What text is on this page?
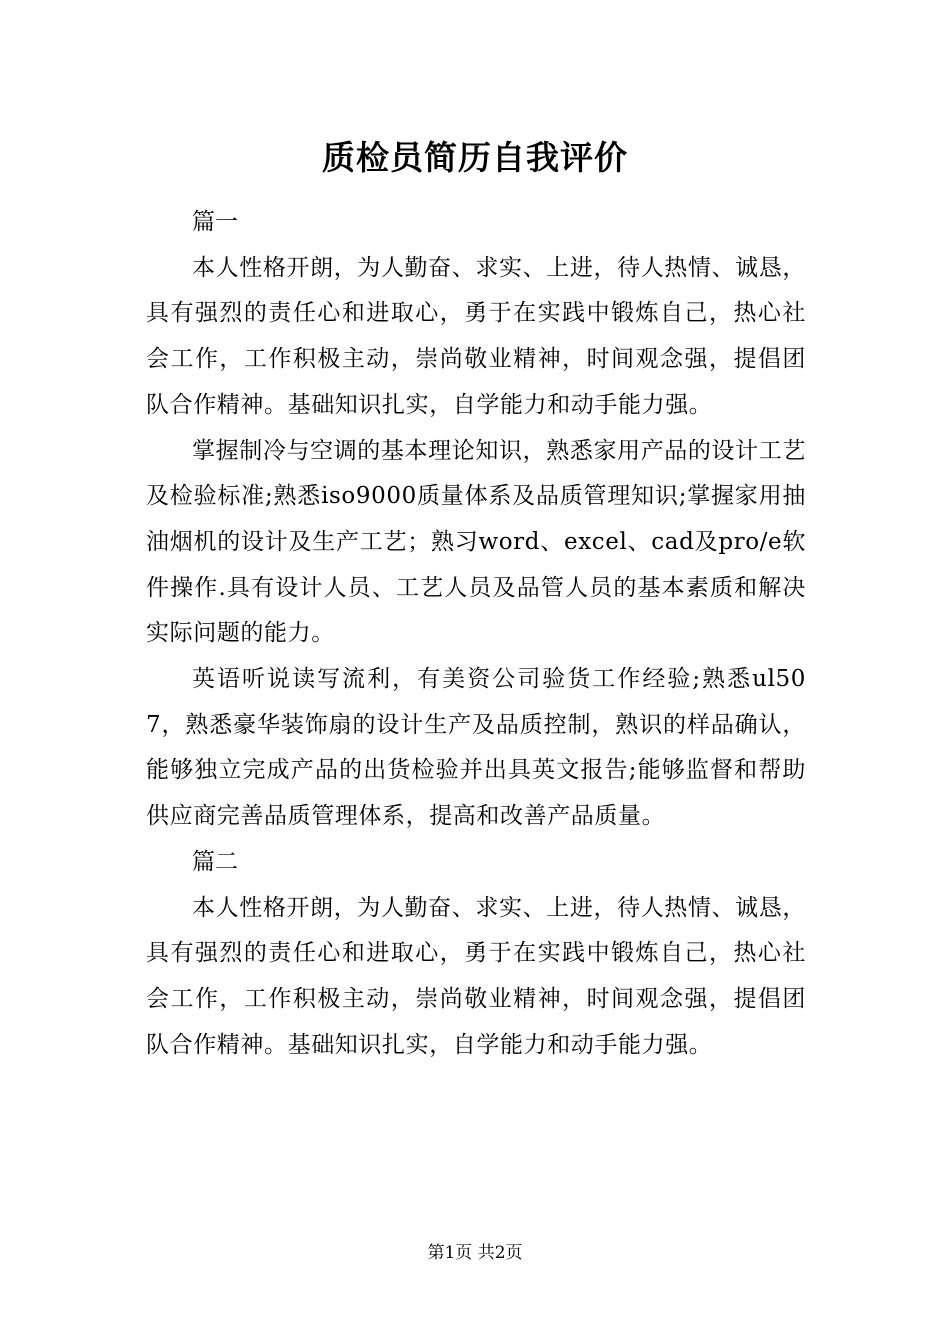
质检员简历自我评价

篇一

本人性格开朗，为人勤奋、求实、上进，待人热情、诚恳，具有强烈的责任心和进取心，勇于在实践中锻炼自己，热心社会工作，工作积极主动，崇尚敬业精神，时间观念强，提倡团队合作精神。基础知识扎实，自学能力和动手能力强。

掌握制冷与空调的基本理论知识，熟悉家用产品的设计工艺及检验标准;熟悉iso9000质量体系及品质管理知识;掌握家用抽油烟机的设计及生产工艺；熟习word、excel、cad及pro/e软件操作.具有设计人员、工艺人员及品管人员的基本素质和解决实际问题的能力。

英语听说读写流利，有美资公司验货工作经验;熟悉ul507，熟悉豪华装饰扇的设计生产及品质控制，熟识的样品确认，能够独立完成产品的出货检验并出具英文报告;能够监督和帮助供应商完善品质管理体系，提高和改善产品质量。

篇二

本人性格开朗，为人勤奋、求实、上进，待人热情、诚恳，具有强烈的责任心和进取心，勇于在实践中锻炼自己，热心社会工作，工作积极主动，崇尚敬业精神，时间观念强，提倡团队合作精神。基础知识扎实，自学能力和动手能力强。

第1页 共2页
